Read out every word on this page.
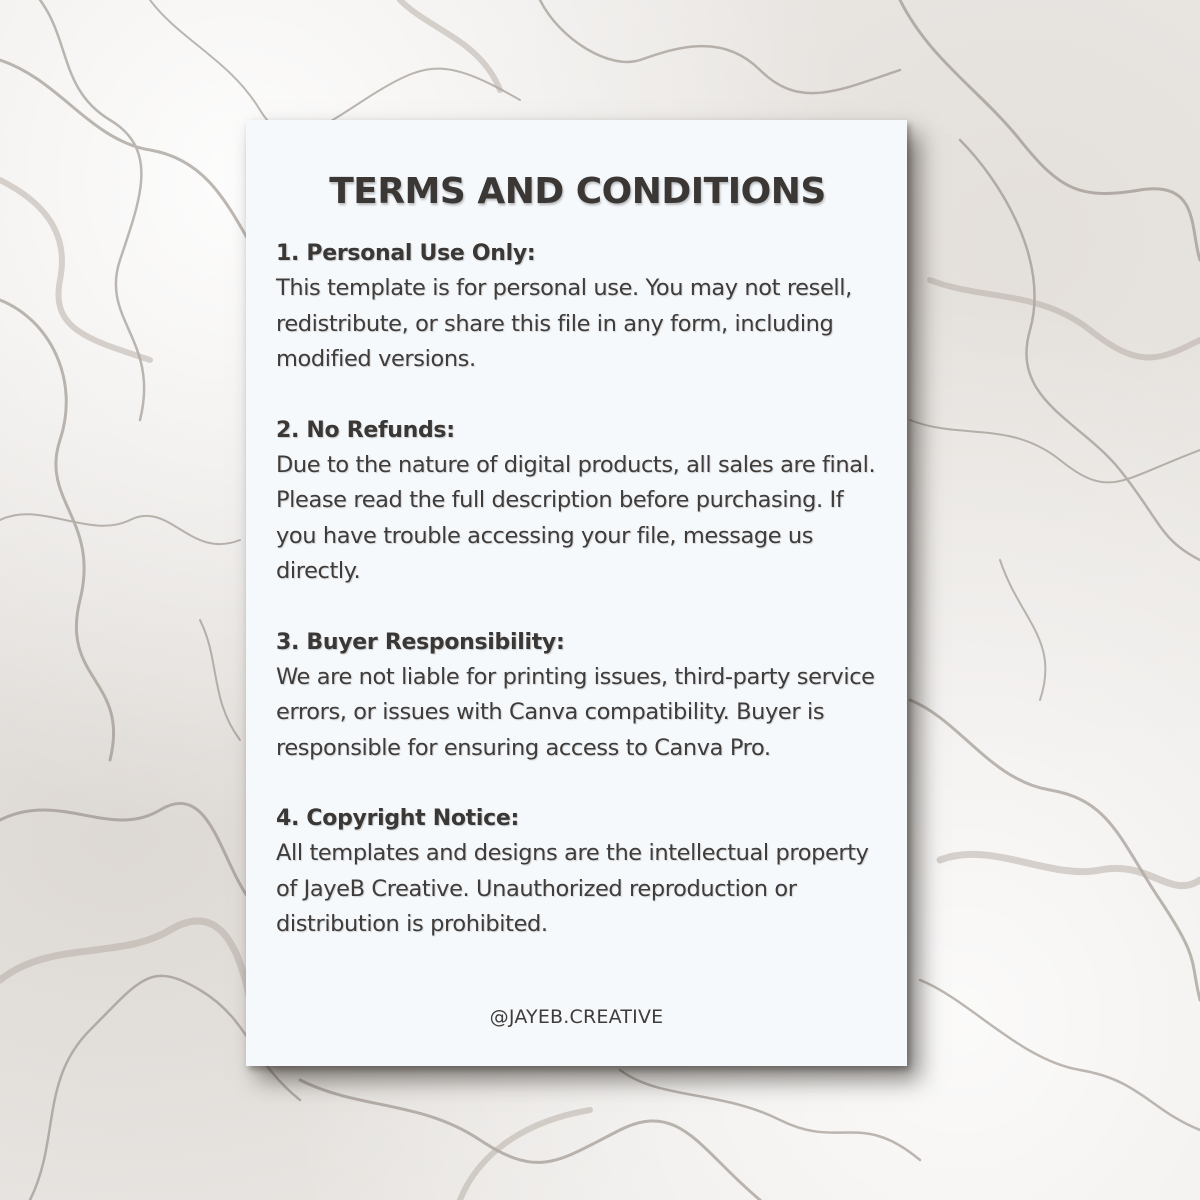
TERMS AND CONDITIONS
1. Personal Use Only:
This template is for personal use. You may not resell, redistribute, or share this file in any form, including modified versions.
2. No Refunds:
Due to the nature of digital products, all sales are final. Please read the full description before purchasing. If you have trouble accessing your file, message us directly.
3. Buyer Responsibility:
We are not liable for printing issues, third-party service errors, or issues with Canva compatibility. Buyer is responsible for ensuring access to Canva Pro.
4. Copyright Notice:
All templates and designs are the intellectual property of JayeB Creative. Unauthorized reproduction or distribution is prohibited.
@JAYEB.CREATIVE
